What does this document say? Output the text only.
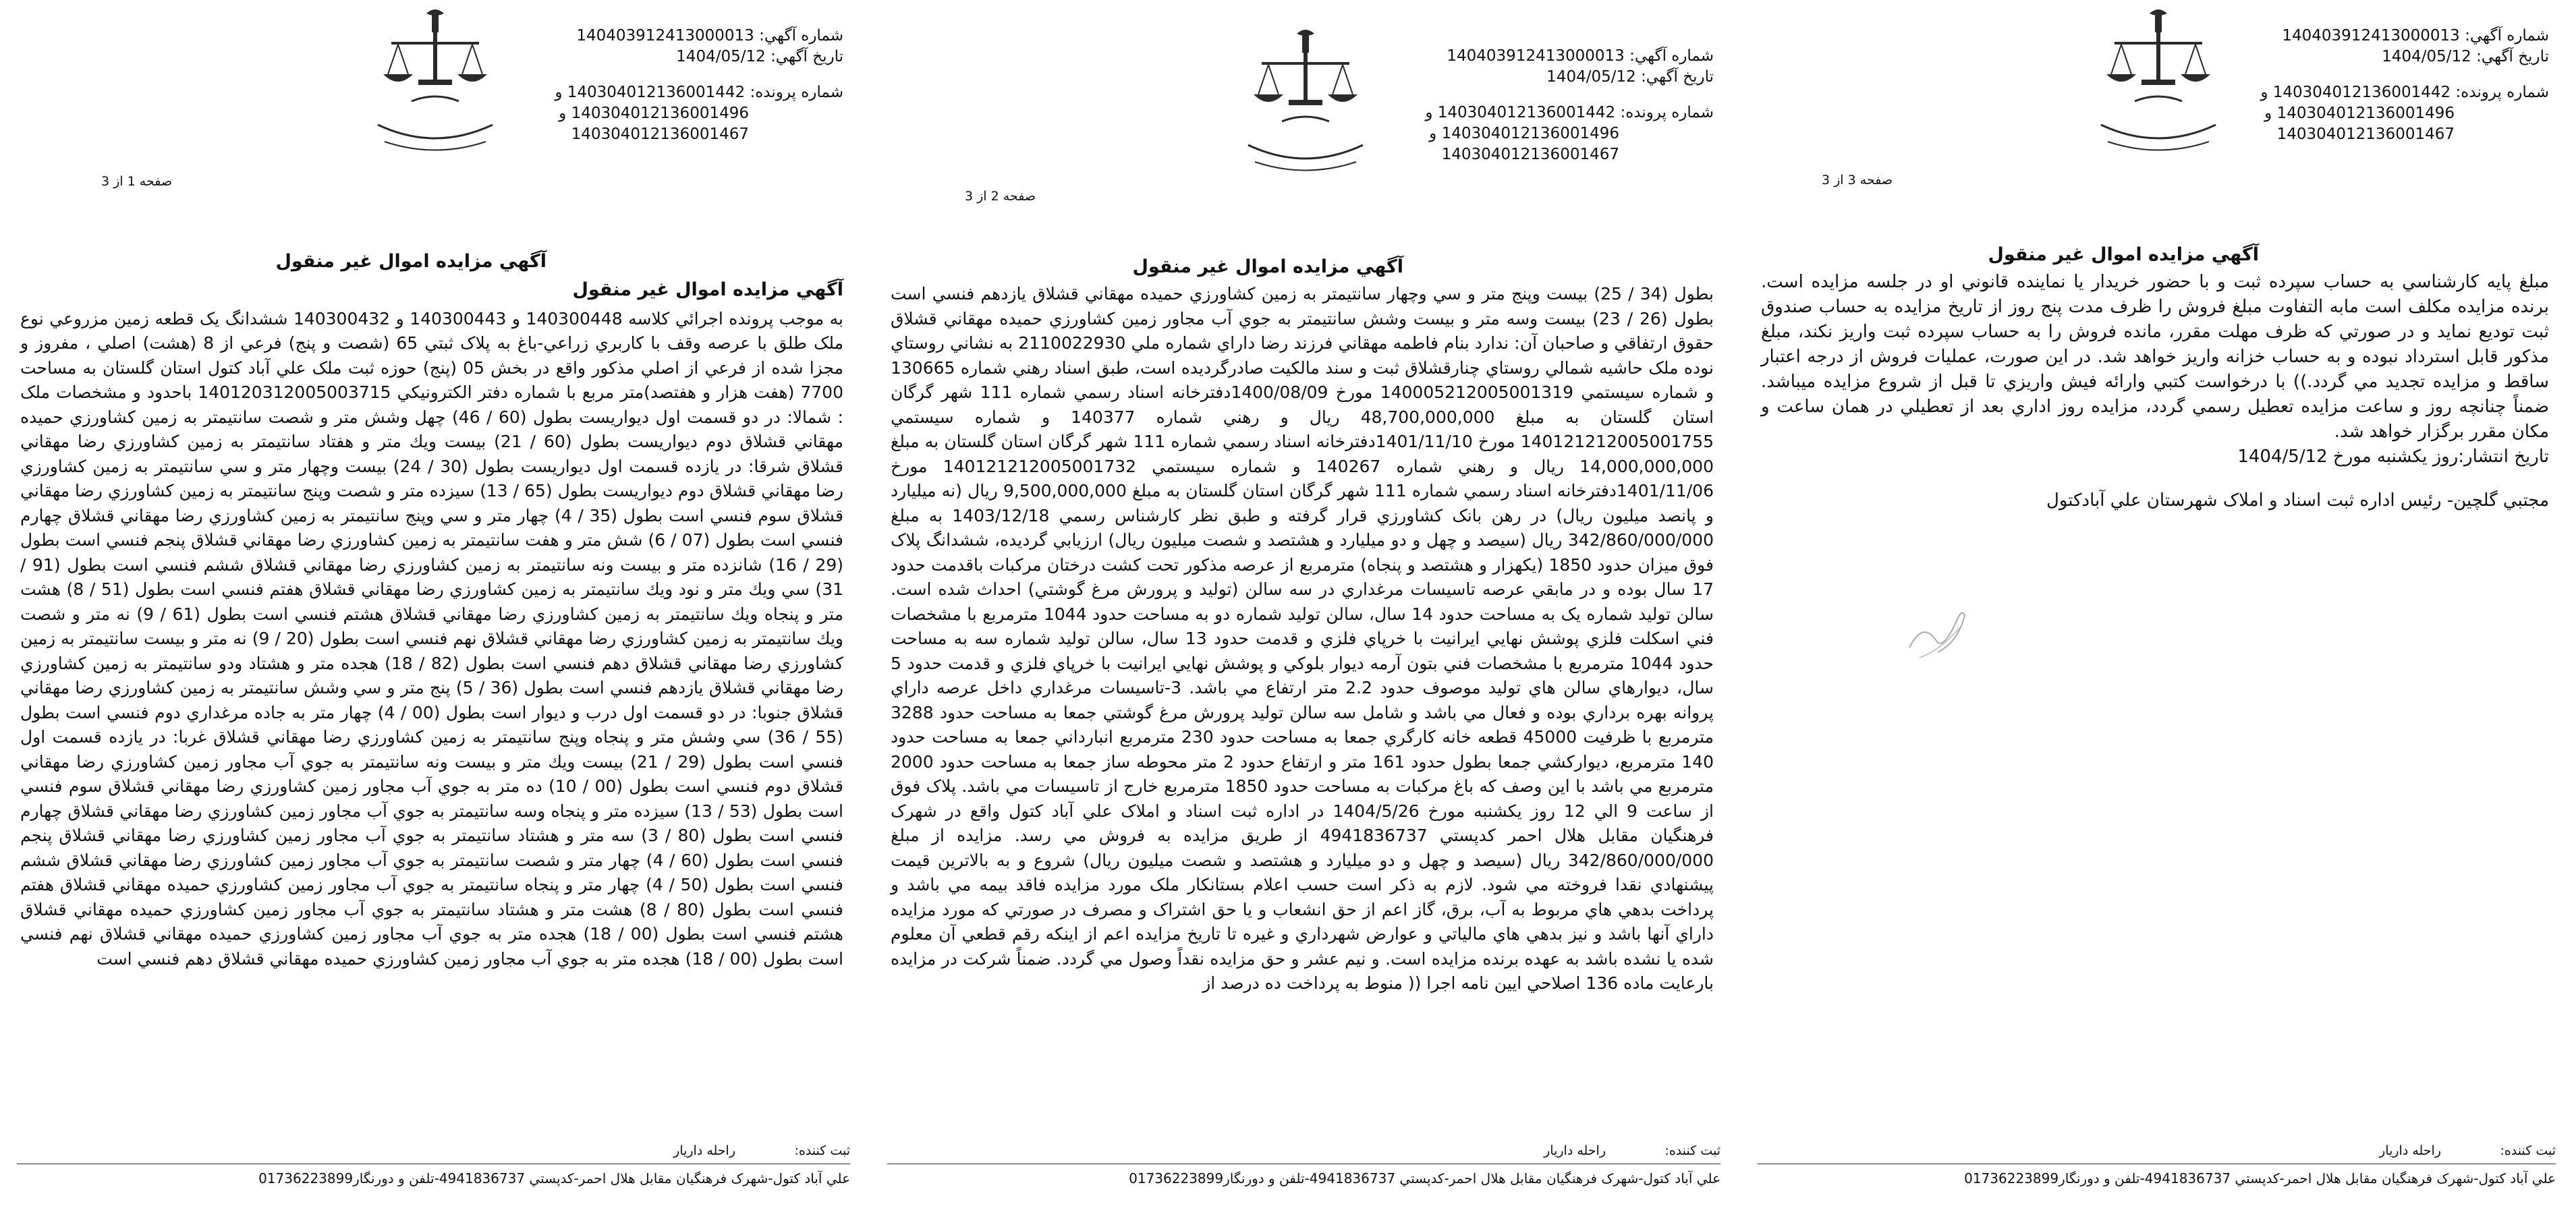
شماره آگهي: 140403912413000013
تاريخ آگهي: 1404/05/12
شماره پرونده: 140304012136001442 و
140304012136001496 و
140304012136001467
صفحه 1 از 3
آگهي مزايده اموال غير منقول
آگهي مزايده اموال غير منقول
به موجب پرونده اجرائي كلاسه 140300448 و 140300443 و 140300432 ششدانگ يک قطعه زمين مزروعي نوع ملک طلق با عرصه وقف با کاربري زراعي-باغ به پلاک ثبتي 65 (شصت و پنج) فرعي از 8 (هشت) اصلي ، مفروز و مجزا شده از فرعي از اصلي مذکور واقع در بخش 05 (پنج) حوزه ثبت ملک علي آباد کتول استان گلستان به مساحت 7700 (هفت هزار و هفتصد)متر مربع با شماره دفتر الکترونيکي 140120312005003715 باحدود و مشخصات ملک : شمالا: در دو قسمت اول ديواريست بطول (60 / 46) چهل وشش متر و شصت سانتيمتر به زمين كشاورزي حميده مهقاني قشلاق دوم ديواريست بطول (60 / 21) بيست ويك متر و هفتاد سانتيمتر به زمين كشاورزي رضا مهقاني قشلاق شرقا: در يازده قسمت اول ديواريست بطول (30 / 24) بيست وچهار متر و سي سانتيمتر به زمين كشاورزي رضا مهقاني قشلاق دوم ديواريست بطول (65 / 13) سيزده متر و شصت وپنج سانتيمتر به زمين كشاورزي رضا مهقاني قشلاق سوم فنسي است بطول (35 / 4) چهار متر و سي وپنج سانتيمتر به زمين كشاورزي رضا مهقاني قشلاق چهارم فنسي است بطول (07 / 6) شش متر و هفت سانتيمتر به زمين كشاورزي رضا مهقاني قشلاق پنجم فنسي است بطول (29 / 16) شانزده متر و بيست ونه سانتيمتر به زمين كشاورزي رضا مهقاني قشلاق ششم فنسي است بطول (91 / 31) سي ويك متر و نود ويك سانتيمتر به زمين كشاورزي رضا مهقاني قشلاق هفتم فنسي است بطول (51 / 8) هشت متر و پنجاه ويك سانتيمتر به زمين كشاورزي رضا مهقاني قشلاق هشتم فنسي است بطول (61 / 9) نه متر و شصت ويك سانتيمتر به زمين كشاورزي رضا مهقاني قشلاق نهم فنسي است بطول (20 / 9) نه متر و بيست سانتيمتر به زمين كشاورزي رضا مهقاني قشلاق دهم فنسي است بطول (82 / 18) هجده متر و هشتاد ودو سانتيمتر به زمين كشاورزي رضا مهقاني قشلاق يازدهم فنسي است بطول (36 / 5) پنج متر و سي وشش سانتيمتر به زمين كشاورزي رضا مهقاني قشلاق جنوبا: در دو قسمت اول درب و ديوار است بطول (00 / 4) چهار متر به جاده مرغداري دوم فنسي است بطول (55 / 36) سي وشش متر و پنجاه وپنج سانتيمتر به زمين كشاورزي رضا مهقاني قشلاق غربا: در يازده قسمت اول فنسي است بطول (29 / 21) بيست ويك متر و بيست ونه سانتيمتر به جوي آب مجاور زمين كشاورزي رضا مهقاني قشلاق دوم فنسي است بطول (00 / 10) ده متر به جوي آب مجاور زمين كشاورزي رضا مهقاني قشلاق سوم فنسي است بطول (53 / 13) سيزده متر و پنجاه وسه سانتيمتر به جوي آب مجاور زمين كشاورزي رضا مهقاني قشلاق چهارم فنسي است بطول (80 / 3) سه متر و هشتاد سانتيمتر به جوي آب مجاور زمين كشاورزي رضا مهقاني قشلاق پنجم فنسي است بطول (60 / 4) چهار متر و شصت سانتيمتر به جوي آب مجاور زمين كشاورزي رضا مهقاني قشلاق ششم فنسي است بطول (50 / 4) چهار متر و پنجاه سانتيمتر به جوي آب مجاور زمين كشاورزي حميده مهقاني قشلاق هفتم فنسي است بطول (80 / 8) هشت متر و هشتاد سانتيمتر به جوي آب مجاور زمين كشاورزي حميده مهقاني قشلاق هشتم فنسي است بطول (00 / 18) هجده متر به جوي آب مجاور زمين كشاورزي حميده مهقاني قشلاق نهم فنسي است بطول (00 / 18) هجده متر به جوي آب مجاور زمين كشاورزي حميده مهقاني قشلاق دهم فنسي است
ثبت کننده:
راحله داريار
علي آباد کتول-شهرک فرهنگيان مقابل هلال احمر-کدپستي 4941836737-تلفن و دورنگار01736223899
شماره آگهي: 140403912413000013
تاريخ آگهي: 1404/05/12
شماره پرونده: 140304012136001442 و
140304012136001496 و
140304012136001467
صفحه 2 از 3
آگهي مزايده اموال غير منقول
بطول (34 / 25) بيست وپنج متر و سي وچهار سانتيمتر به زمين كشاورزي حميده مهقاني قشلاق يازدهم فنسي است بطول (26 / 23) بيست وسه متر و بيست وشش سانتيمتر به جوي آب مجاور زمين كشاورزي حميده مهقاني قشلاق حقوق ارتفاقي و صاحبان آن: ندارد بنام فاطمه مهقاني فرزند رضا داراي شماره ملي 2110022930 به نشاني روستاي نوده ملک حاشيه شمالي روستاي چنارقشلاق ثبت و سند مالکيت صادرگرديده است، طبق اسناد رهني شماره 130665 و شماره سيستمي 140005212005001319 مورخ 1400/08/09دفترخانه اسناد رسمي شماره 111 شهر گرگان استان گلستان به مبلغ 48,700,000,000 ريال و رهني شماره 140377 و شماره سيستمي 140121212005001755 مورخ 1401/11/10دفترخانه اسناد رسمي شماره 111 شهر گرگان استان گلستان به مبلغ 14,000,000,000 ريال و رهني شماره 140267 و شماره سيستمي 140121212005001732 مورخ 1401/11/06دفترخانه اسناد رسمي شماره 111 شهر گرگان استان گلستان به مبلغ 9,500,000,000 ريال (نه ميليارد و پانصد ميليون ريال) در رهن بانک کشاورزي قرار گرفته و طبق نظر کارشناس رسمي 1403/12/18 به مبلغ 342/860/000/000 ريال (سيصد و چهل و دو ميليارد و هشتصد و شصت ميليون ريال) ارزيابي گرديده، ششدانگ پلاک فوق ميزان حدود 1850 (يکهزار و هشتصد و پنجاه) مترمربع از عرصه مذکور تحت کشت درختان مرکبات باقدمت حدود 17 سال بوده و در مابقي عرصه تاسيسات مرغداري در سه سالن (توليد و پرورش مرغ گوشتي) احداث شده است. سالن توليد شماره يک به مساحت حدود 14 سال، سالن توليد شماره دو به مساحت حدود 1044 مترمربع با مشخصات فني اسکلت فلزي پوشش نهايي ايرانيت با خرپاي فلزي و قدمت حدود 13 سال، سالن توليد شماره سه به مساحت حدود 1044 مترمربع با مشخصات فني بتون آرمه ديوار بلوکي و پوشش نهايي ايرانيت با خرپاي فلزي و قدمت حدود 5 سال، ديوارهاي سالن هاي توليد موصوف حدود 2.2 متر ارتفاع مي باشد. 3-تاسيسات مرغداري داخل عرصه داراي پروانه بهره برداري بوده و فعال مي باشد و شامل سه سالن توليد پرورش مرغ گوشتي جمعا به مساحت حدود 3288 مترمربع با ظرفيت 45000 قطعه خانه کارگري جمعا به مساحت حدود 230 مترمربع انبارداني جمعا به مساحت حدود 140 مترمربع، ديوارکشي جمعا بطول حدود 161 متر و ارتفاع حدود 2 متر محوطه ساز جمعا به مساحت حدود 2000 مترمربع مي باشد با اين وصف که باغ مرکبات به مساحت حدود 1850 مترمربع خارج از تاسيسات مي باشد. پلاک فوق از ساعت 9 الي 12 روز يکشنبه مورخ 1404/5/26 در اداره ثبت اسناد و املاک علي آباد کتول واقع در شهرک فرهنگيان مقابل هلال احمر کدپستي 4941836737 از طريق مزايده به فروش مي رسد. مزايده از مبلغ 342/860/000/000 ريال (سيصد و چهل و دو ميليارد و هشتصد و شصت ميليون ريال) شروع و به بالاترين قيمت پيشنهادي نقدا فروخته مي شود. لازم به ذکر است حسب اعلام بستانکار ملک مورد مزايده فاقد بيمه مي باشد و پرداخت بدهي هاي مربوط به آب، برق، گاز اعم از حق انشعاب و يا حق اشتراک و مصرف در صورتي که مورد مزايده داراي آنها باشد و نيز بدهي هاي مالياتي و عوارض شهرداري و غيره تا تاريخ مزايده اعم از اينکه رقم قطعي آن معلوم شده يا نشده باشد به عهده برنده مزايده است. و نيم عشر و حق مزايده نقداً وصول مي گردد. ضمناً شرکت در مزايده بارعايت ماده 136 اصلاحي ايين نامه اجرا (( منوط به پرداخت ده درصد از
ثبت کننده:
راحله داريار
علي آباد کتول-شهرک فرهنگيان مقابل هلال احمر-کدپستي 4941836737-تلفن و دورنگار01736223899
شماره آگهي: 140403912413000013
تاريخ آگهي: 1404/05/12
شماره پرونده: 140304012136001442 و
140304012136001496 و
140304012136001467
صفحه 3 از 3
آگهي مزايده اموال غير منقول
مبلغ پايه کارشناسي به حساب سپرده ثبت و با حضور خريدار يا نماينده قانوني او در جلسه مزايده است. برنده مزايده مکلف است مابه التفاوت مبلغ فروش را ظرف مدت پنج روز از تاريخ مزايده به حساب صندوق ثبت توديع نمايد و در صورتي که ظرف مهلت مقرر، مانده فروش را به حساب سپرده ثبت واريز نکند، مبلغ مذکور قابل استرداد نبوده و به حساب خزانه واريز خواهد شد. در اين صورت، عمليات فروش از درجه اعتبار ساقط و مزايده تجديد مي گردد.)) با درخواست کتبي وارائه فيش واريزي تا قبل از شروع مزايده ميباشد. ضمناً چنانچه روز و ساعت مزايده تعطيل رسمي گردد، مزايده روز اداري بعد از تعطيلي در همان ساعت و مکان مقرر برگزار خواهد شد.
تاريخ انتشار:روز يکشنبه مورخ 1404/5/12
مجتبي گلچين- رئيس اداره ثبت اسناد و املاک شهرستان علي آبادکتول
ثبت کننده:
راحله داريار
علي آباد کتول-شهرک فرهنگيان مقابل هلال احمر-کدپستي 4941836737-تلفن و دورنگار01736223899
